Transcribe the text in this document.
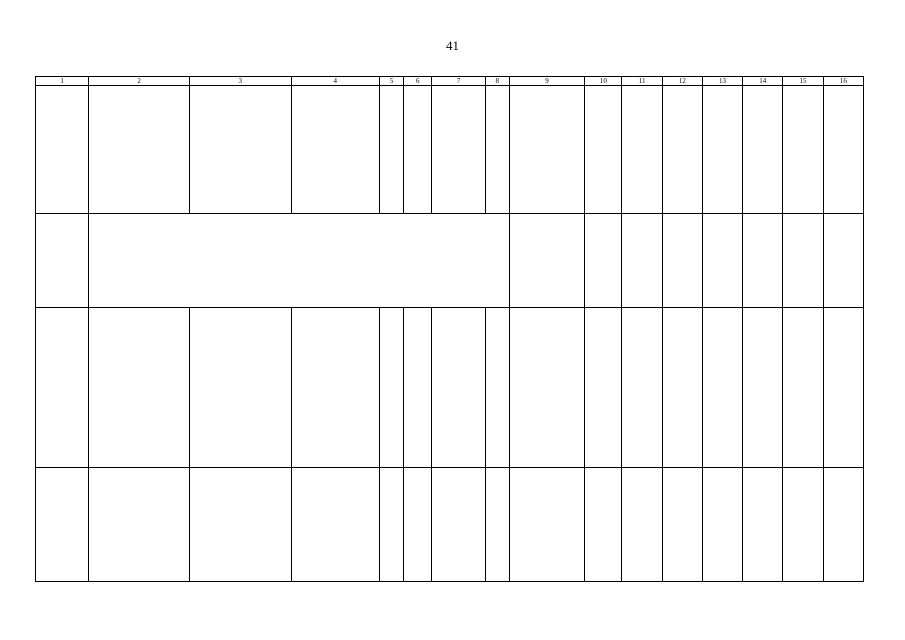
41
1	2	3	4	5	6	7	8	9	10	11	12	13	14	15	16
